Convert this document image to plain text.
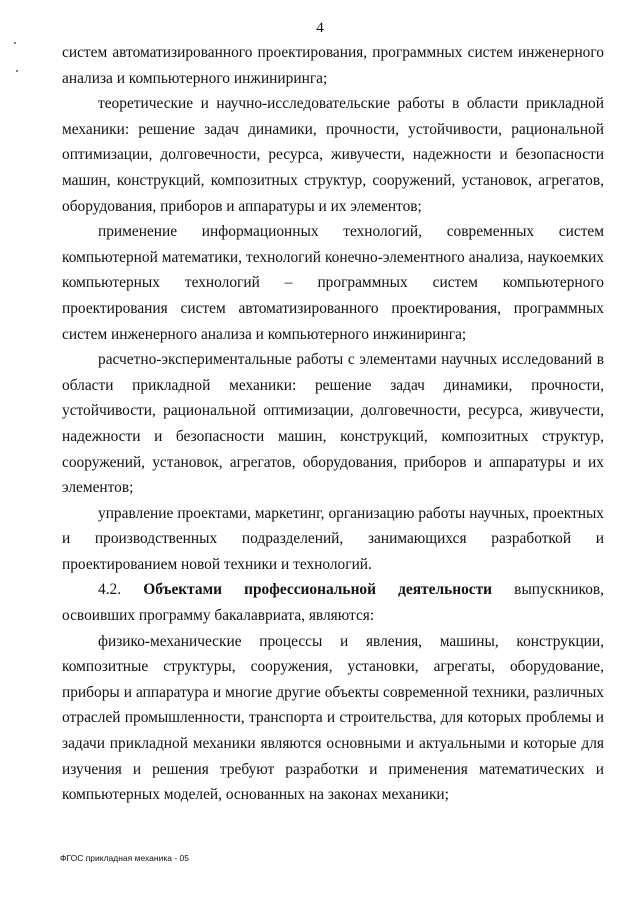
4

систем автоматизированного проектирования, программных систем инженерного анализа и компьютерного инжиниринга;

теоретические и научно-исследовательские работы в области прикладной механики: решение задач динамики, прочности, устойчивости, рациональной оптимизации, долговечности, ресурса, живучести, надежности и безопасности машин, конструкций, композитных структур, сооружений, установок, агрегатов, оборудования, приборов и аппаратуры и их элементов;

применение информационных технологий, современных систем компьютерной математики, технологий конечно-элементного анализа, наукоемких компьютерных технологий – программных систем компьютерного проектирования систем автоматизированного проектирования, программных систем инженерного анализа и компьютерного инжиниринга;

расчетно-экспериментальные работы с элементами научных исследований в области прикладной механики: решение задач динамики, прочности, устойчивости, рациональной оптимизации, долговечности, ресурса, живучести, надежности и безопасности машин, конструкций, композитных структур, сооружений, установок, агрегатов, оборудования, приборов и аппаратуры и их элементов;

управление проектами, маркетинг, организацию работы научных, проектных и производственных подразделений, занимающихся разработкой и проектированием новой техники и технологий.

4.2. Объектами профессиональной деятельности выпускников, освоивших программу бакалавриата, являются:

физико-механические процессы и явления, машины, конструкции, композитные структуры, сооружения, установки, агрегаты, оборудование, приборы и аппаратура и многие другие объекты современной техники, различных отраслей промышленности, транспорта и строительства, для которых проблемы и задачи прикладной механики являются основными и актуальными и которые для изучения и решения требуют разработки и применения математических и компьютерных моделей, основанных на законах механики;

ФГОС прикладная механика - 05
